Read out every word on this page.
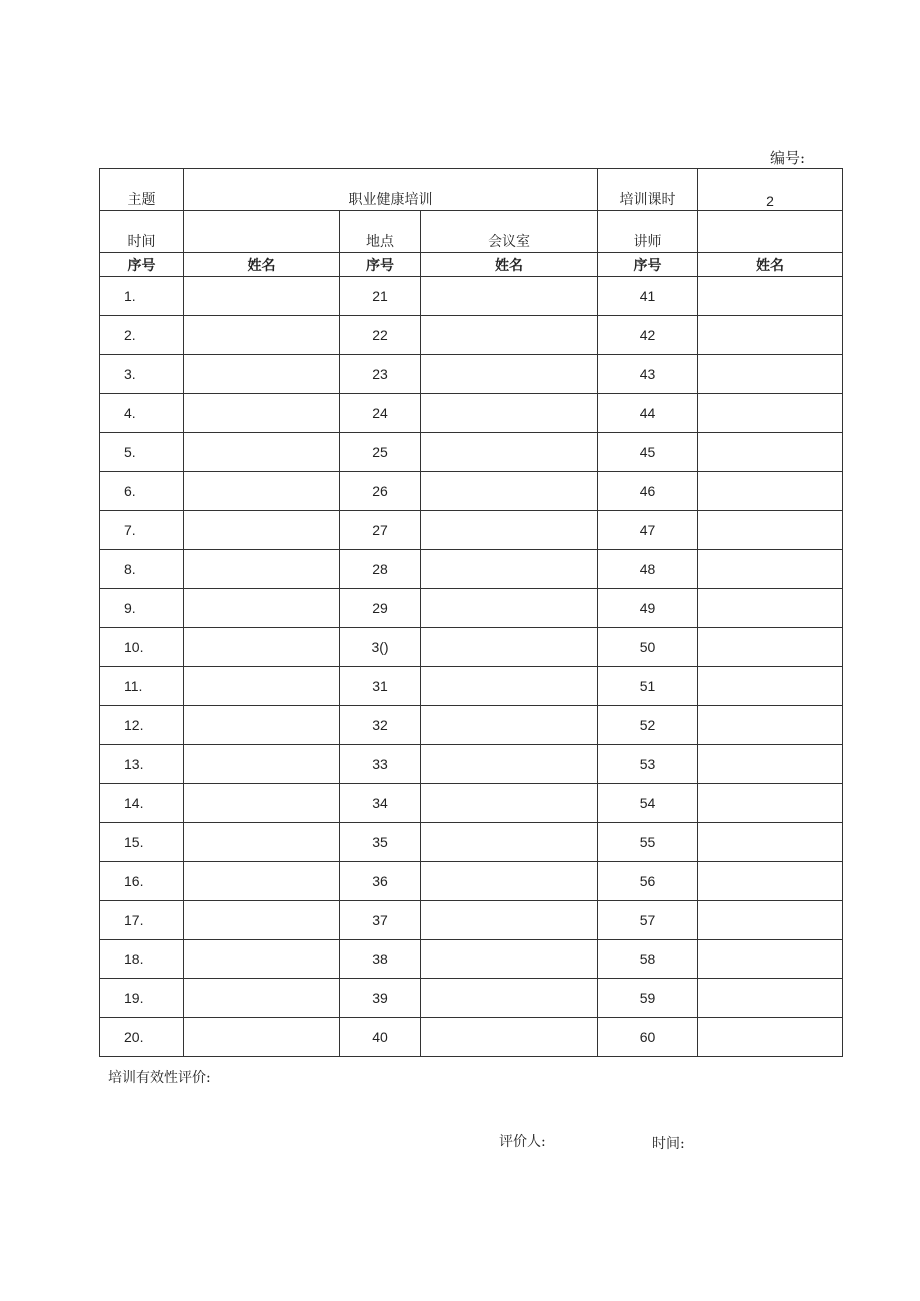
编号:
主题	职业健康培训			培训课时	2
时间		地点	会议室	讲师	
序号	姓名	序号	姓名	序号	姓名
1.		21		41	
2.		22		42	
3.		23		43	
4.		24		44	
5.		25		45	
6.		26		46	
7.		27		47	
8.		28		48	
9.		29		49	
10.		3()		50	
11.		31		51	
12.		32		52	
13.		33		53	
14.		34		54	
15.		35		55	
16.		36		56	
17.		37		57	
18.		38		58	
19.		39		59	
20.		40		60	
培训有效性评价:
评价人:	时间:
